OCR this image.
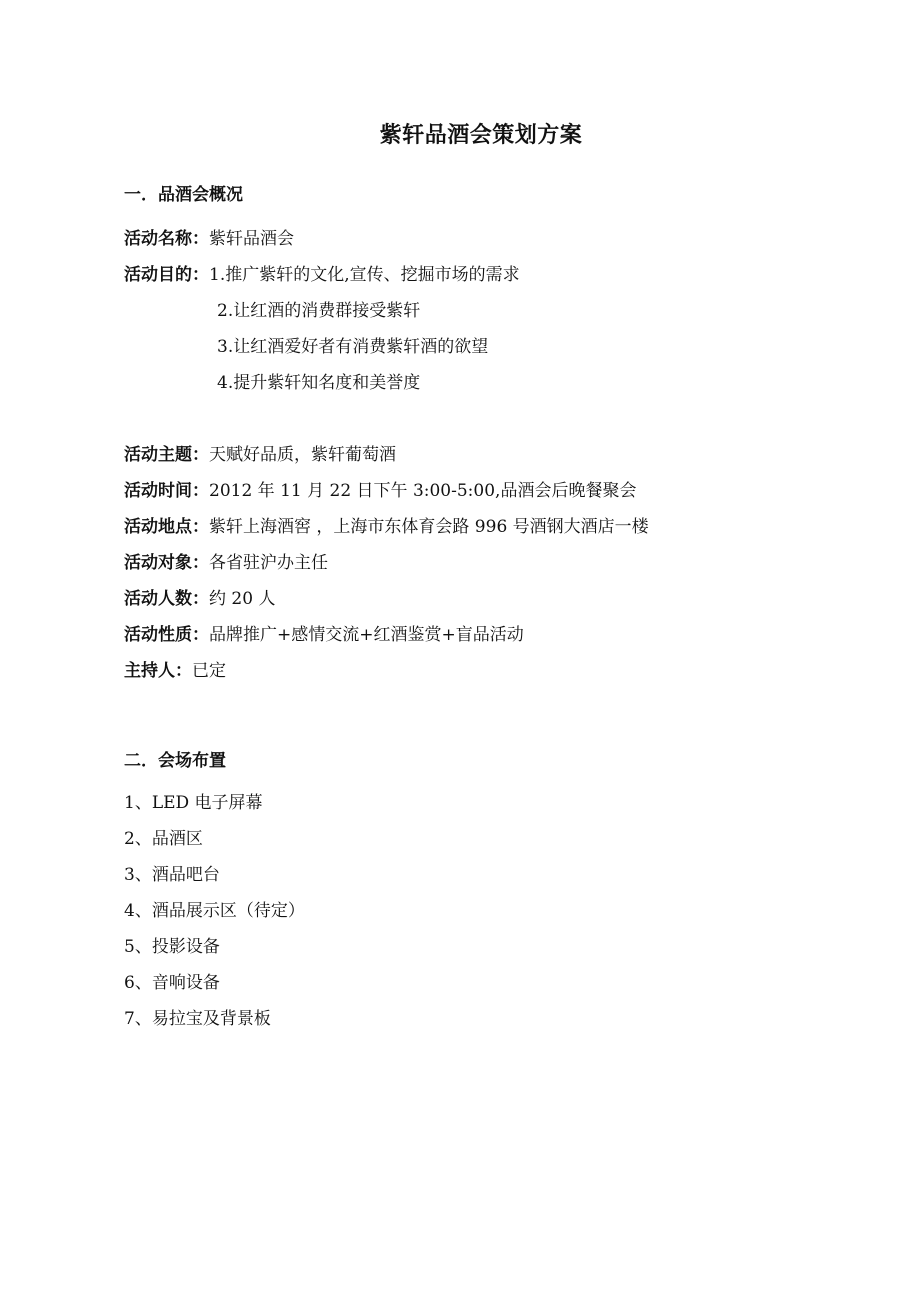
紫轩品酒会策划方案
一．品酒会概况
活动名称：紫轩品酒会
活动目的：1.推广紫轩的文化,宣传、挖掘市场的需求
2.让红酒的消费群接受紫轩
3.让红酒爱好者有消费紫轩酒的欲望
4.提升紫轩知名度和美誉度
活动主题：天赋好品质，紫轩葡萄酒
活动时间：2012 年 11 月 22 日下午 3:00-5:00,品酒会后晚餐聚会
活动地点：紫轩上海酒窖 ，上海市东体育会路 996 号酒钢大酒店一楼
活动对象：各省驻沪办主任
活动人数：约 20 人
活动性质：品牌推广+感情交流+红酒鉴赏+盲品活动
主持人：已定
二．会场布置
1、LED 电子屏幕
2、品酒区
3、酒品吧台
4、酒品展示区（待定）
5、投影设备
6、音响设备
7、易拉宝及背景板
